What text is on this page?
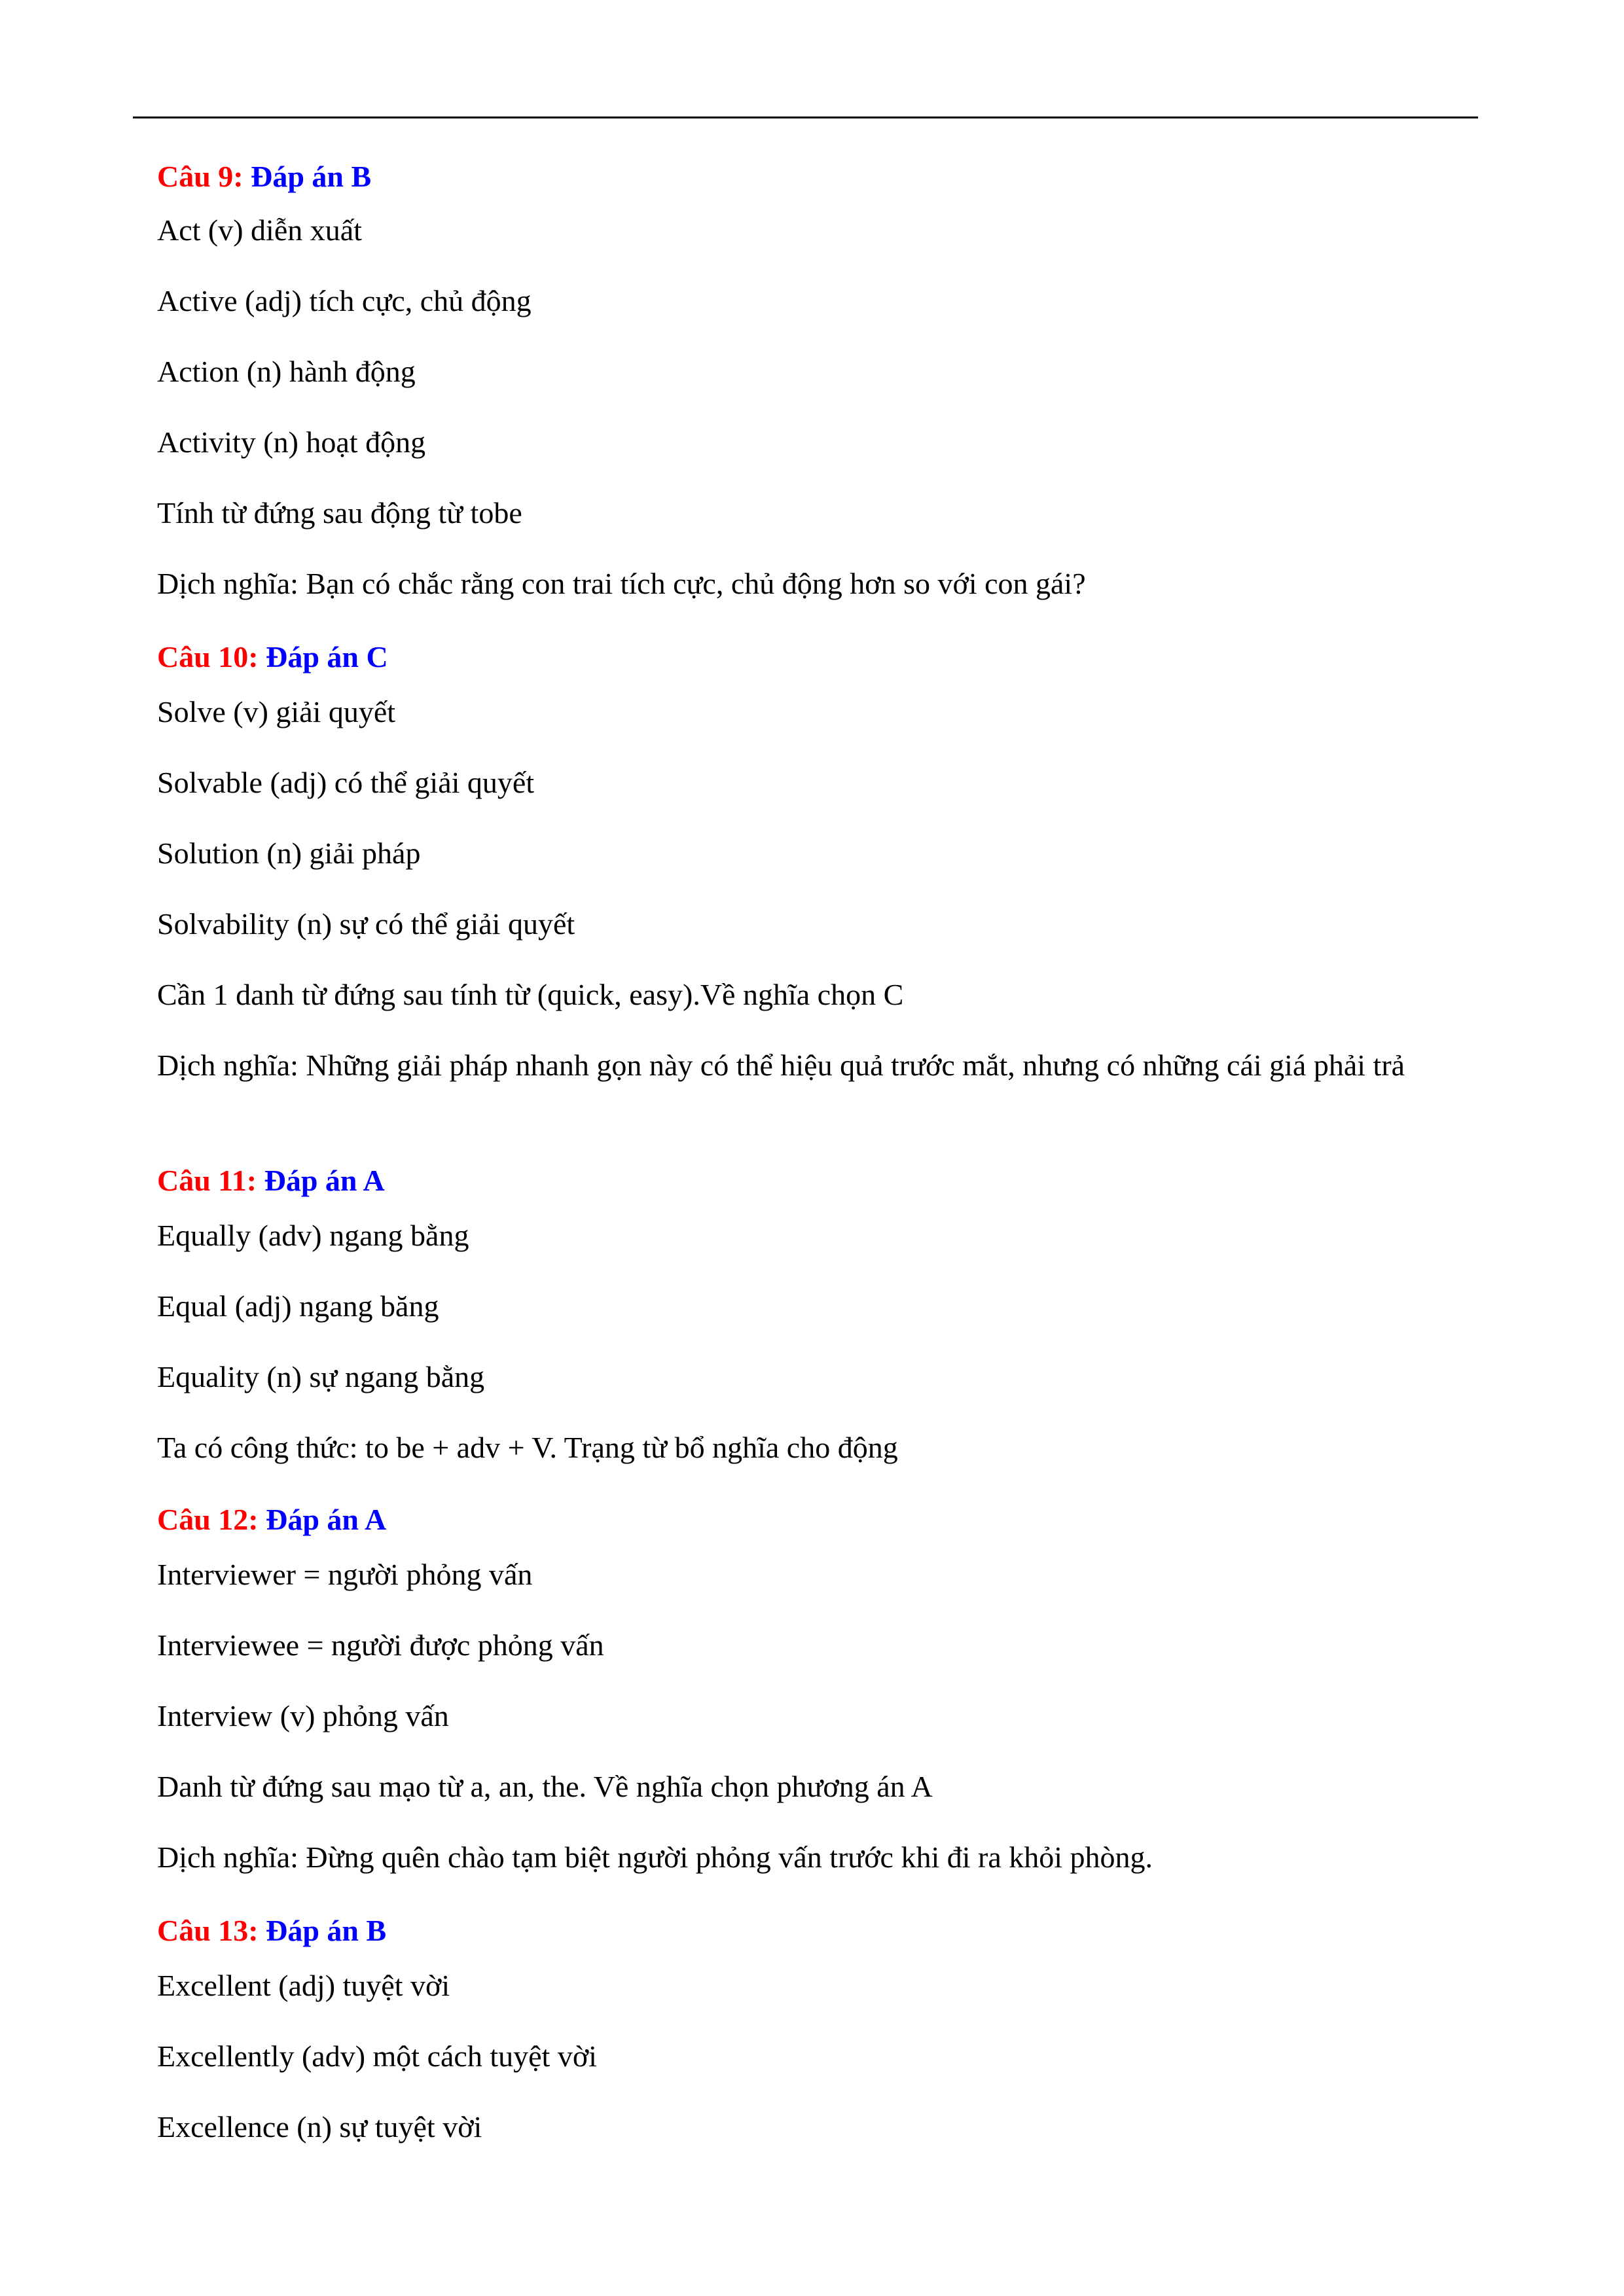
Câu 9: Đáp án B
Act (v) diễn xuất
Active (adj) tích cực, chủ động
Action (n) hành động
Activity (n) hoạt động
Tính từ đứng sau động từ tobe
Dịch nghĩa: Bạn có chắc rằng con trai tích cực, chủ động hơn so với con gái?
Câu 10: Đáp án C
Solve (v) giải quyết
Solvable (adj) có thể giải quyết
Solution (n) giải pháp
Solvability (n) sự có thể giải quyết
Cần 1 danh từ đứng sau tính từ (quick, easy).Về nghĩa chọn C
Dịch nghĩa: Những giải pháp nhanh gọn này có thể hiệu quả trước mắt, nhưng có những cái giá phải trả
Câu 11: Đáp án A
Equally (adv) ngang bằng
Equal (adj) ngang băng
Equality (n) sự ngang bằng
Ta có công thức: to be + adv + V. Trạng từ bổ nghĩa cho động
Câu 12: Đáp án A
Interviewer = người phỏng vấn
Interviewee = người được phỏng vấn
Interview (v) phỏng vấn
Danh từ đứng sau mạo từ a, an, the. Về nghĩa chọn phương án A
Dịch nghĩa: Đừng quên chào tạm biệt người phỏng vấn trước khi đi ra khỏi phòng.
Câu 13: Đáp án B
Excellent (adj) tuyệt vời
Excellently (adv) một cách tuyệt vời
Excellence (n) sự tuyệt vời
